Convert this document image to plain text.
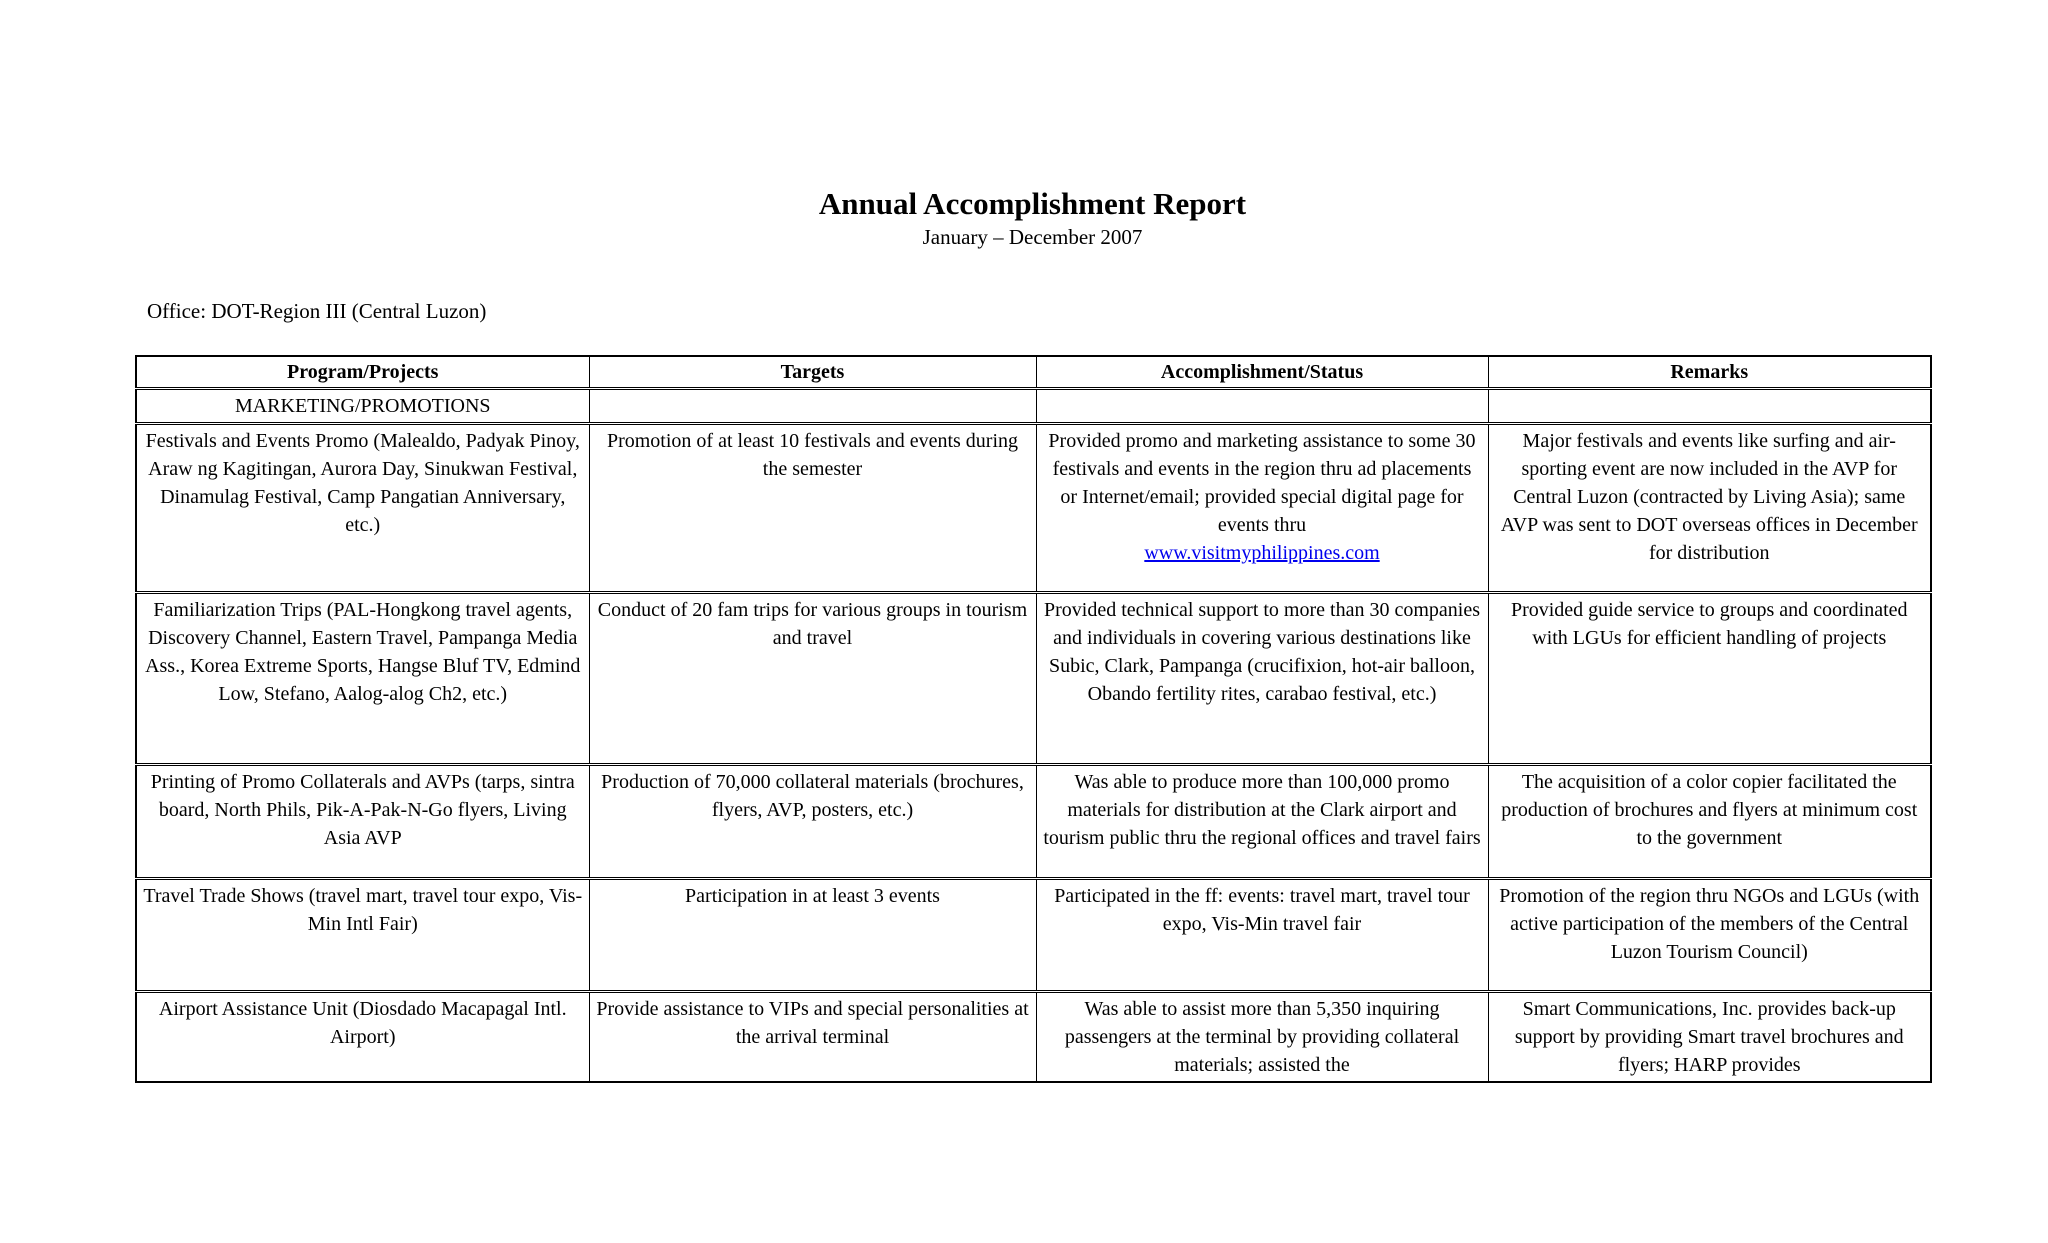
Annual Accomplishment Report
January – December 2007
Office: DOT-Region III (Central Luzon)
Program/Projects	Targets	Accomplishment/Status	Remarks
MARKETING/PROMOTIONS			
Festivals and Events Promo (Malealdo, Padyak Pinoy, Araw ng Kagitingan, Aurora Day, Sinukwan Festival, Dinamulag Festival, Camp Pangatian Anniversary, etc.)	Promotion of at least 10 festivals and events during the semester	Provided promo and marketing assistance to some 30 festivals and events in the region thru ad placements or Internet/email; provided special digital page for events thru
www.visitmyphilippines.com	Major festivals and events like surfing and air-sporting event are now included in the AVP for Central Luzon (contracted by Living Asia); same AVP was sent to DOT overseas offices in December for distribution
Familiarization Trips (PAL-Hongkong travel agents, Discovery Channel, Eastern Travel, Pampanga Media Ass., Korea Extreme Sports, Hangse Bluf TV, Edmind Low, Stefano, Aalog-alog Ch2, etc.)	Conduct of 20 fam trips for various groups in tourism and travel	Provided technical support to more than 30 companies and individuals in covering various destinations like Subic, Clark, Pampanga (crucifixion, hot-air balloon, Obando fertility rites, carabao festival, etc.)	Provided guide service to groups and coordinated with LGUs for efficient handling of projects
Printing of Promo Collaterals and AVPs (tarps, sintra board, North Phils, Pik-A-Pak-N-Go flyers, Living Asia AVP	Production of 70,000 collateral materials (brochures, flyers, AVP, posters, etc.)	Was able to produce more than 100,000 promo materials for distribution at the Clark airport and tourism public thru the regional offices and travel fairs	The acquisition of a color copier facilitated the production of brochures and flyers at minimum cost to the government
Travel Trade Shows (travel mart, travel tour expo, Vis-Min Intl Fair)	Participation in at least 3 events	Participated in the ff: events: travel mart, travel tour expo, Vis-Min travel fair	Promotion of the region thru NGOs and LGUs (with active participation of the members of the Central Luzon Tourism Council)
Airport Assistance Unit (Diosdado Macapagal Intl. Airport)	Provide assistance to VIPs and special personalities at the arrival terminal	Was able to assist more than 5,350 inquiring passengers at the terminal by providing collateral materials; assisted the	Smart Communications, Inc. provides back-up support by providing Smart travel brochures and flyers; HARP provides
